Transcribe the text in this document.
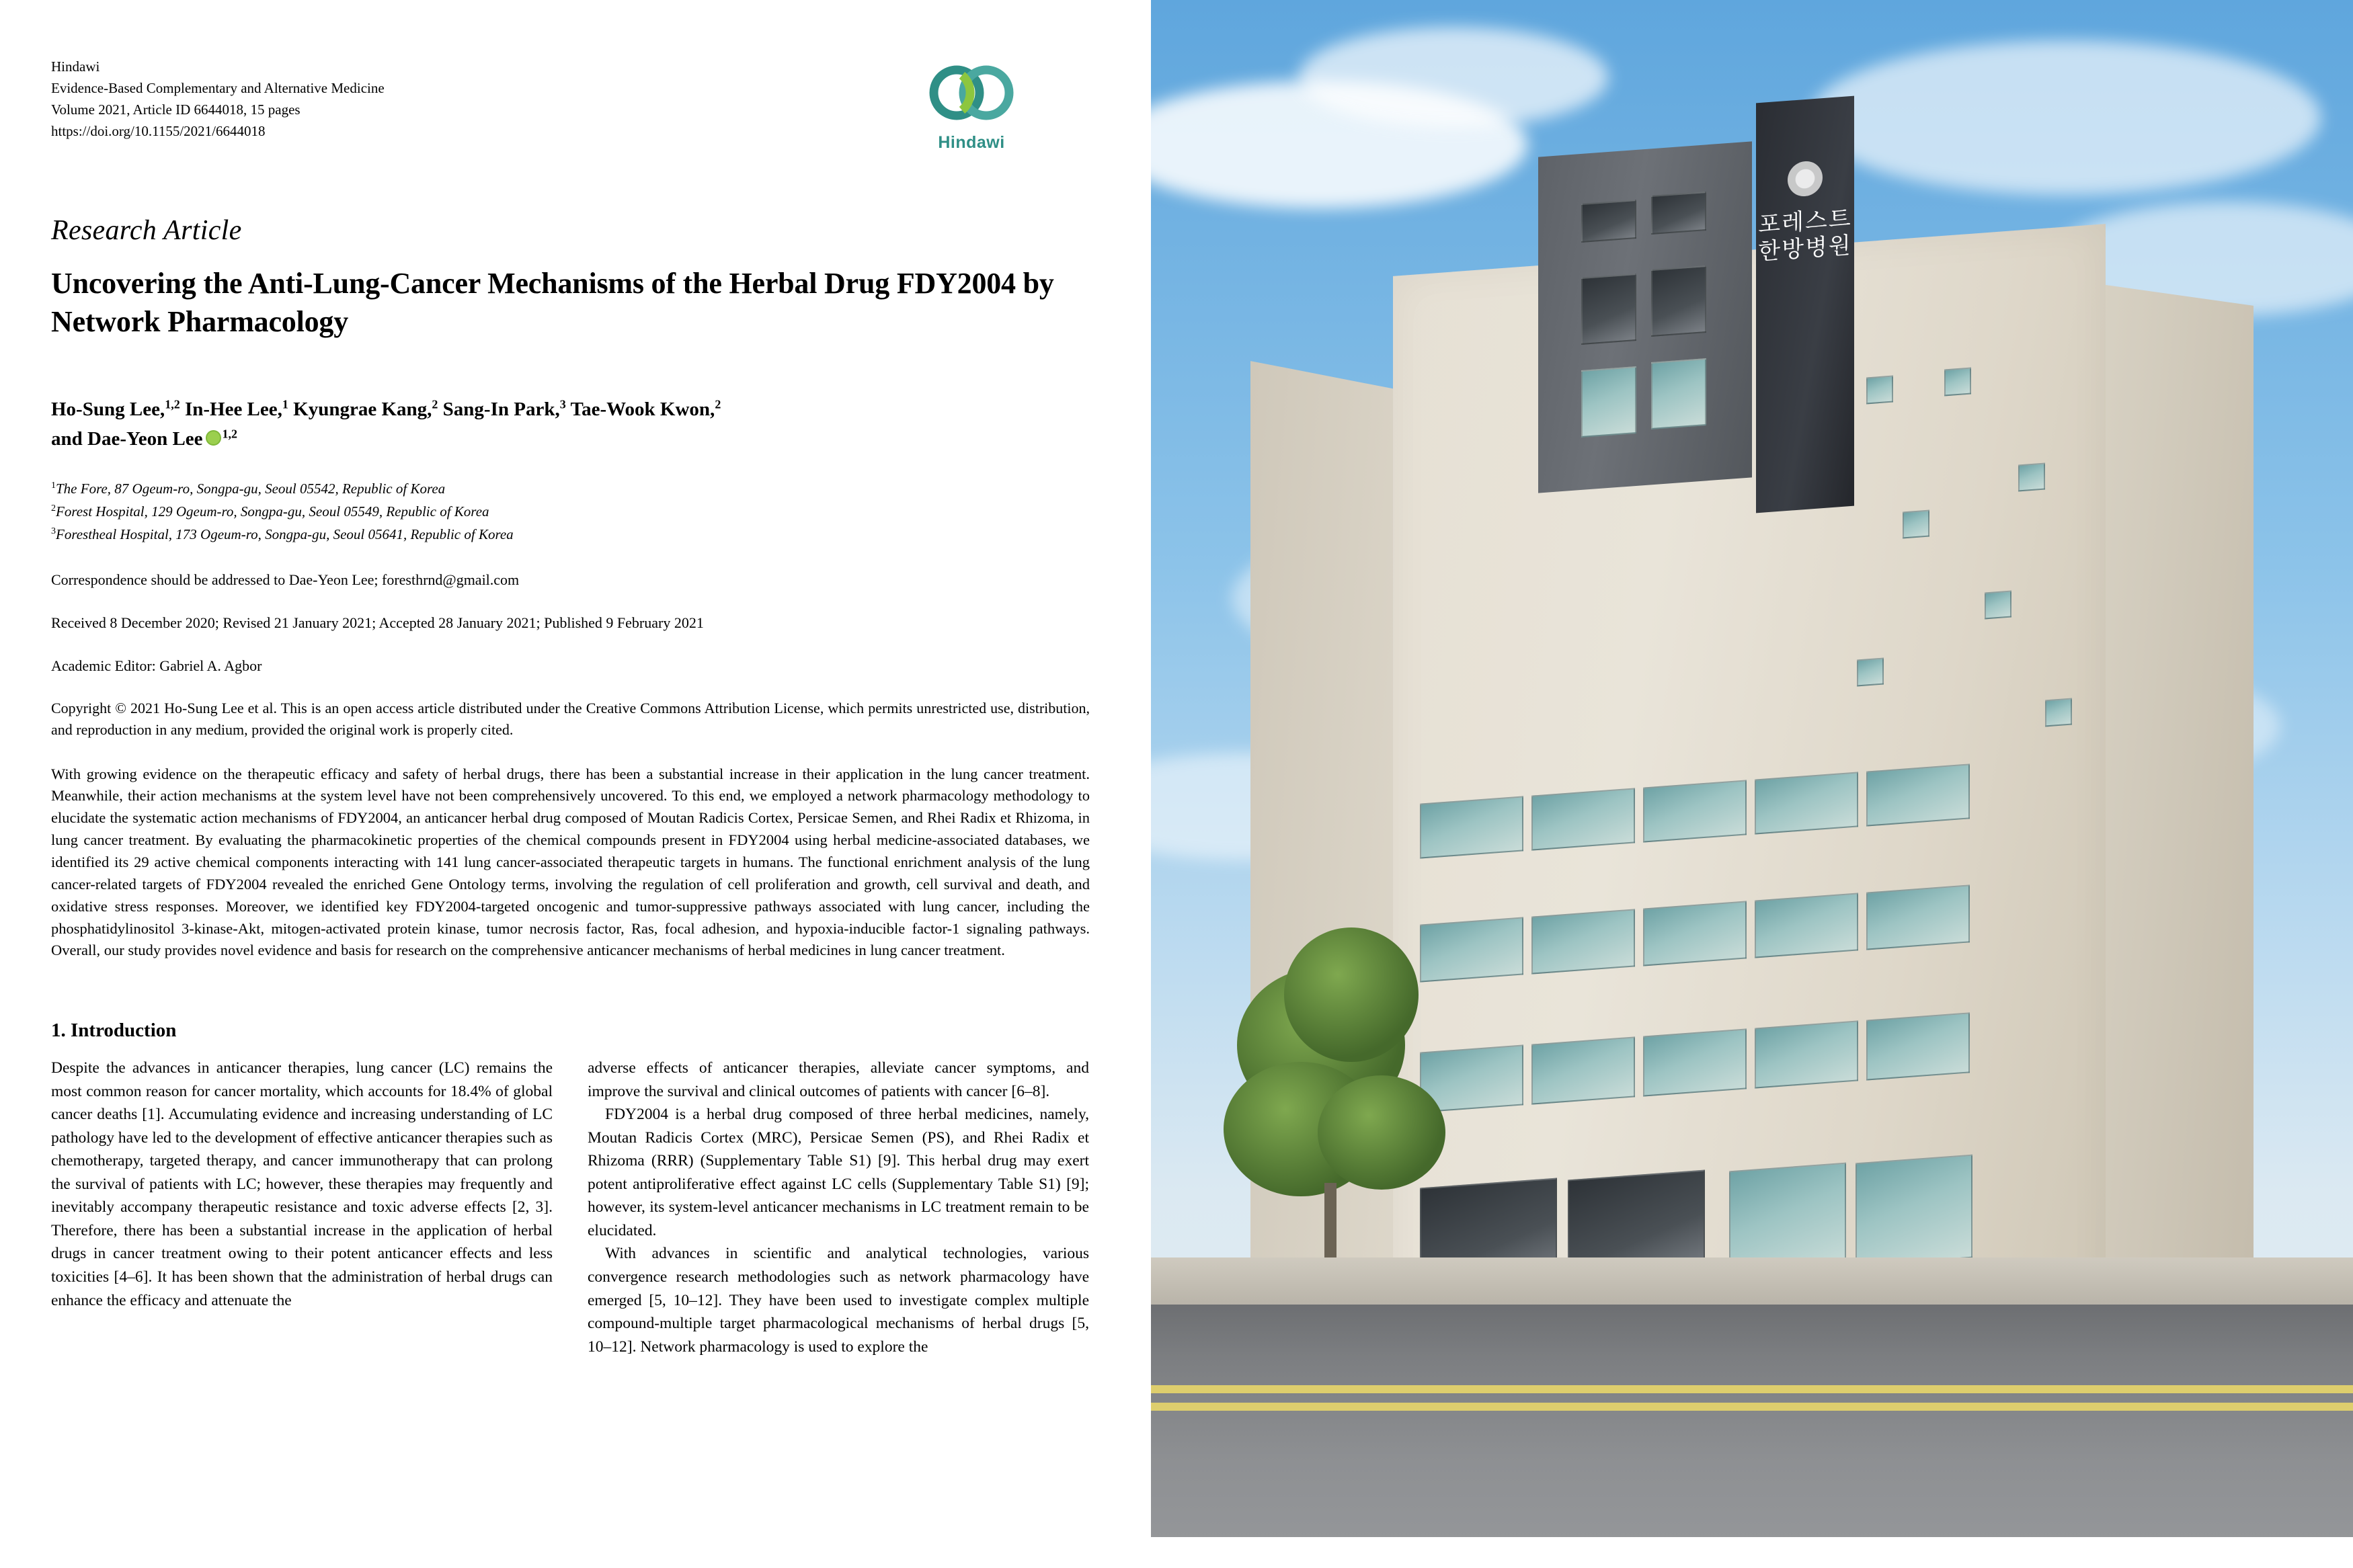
Hindawi
Evidence-Based Complementary and Alternative Medicine
Volume 2021, Article ID 6644018, 15 pages
https://doi.org/10.1155/2021/6644018
Hindawi
Research Article
Uncovering the Anti-Lung-Cancer Mechanisms of the Herbal Drug FDY2004 by Network Pharmacology
Ho-Sung Lee,$^{1,2}$ In-Hee Lee,$^1$ Kyungrae Kang,$^2$ Sang-In Park,$^3$ Tae-Wook Kwon,$^2$
and Dae-Yeon Lee $^{1,2}$
$^1$The Fore, 87 Ogeum-ro, Songpa-gu, Seoul 05542, Republic of Korea
$^2$Forest Hospital, 129 Ogeum-ro, Songpa-gu, Seoul 05549, Republic of Korea
$^3$Forestheal Hospital, 173 Ogeum-ro, Songpa-gu, Seoul 05641, Republic of Korea
Correspondence should be addressed to Dae-Yeon Lee; foresthrnd@gmail.com
Received 8 December 2020; Revised 21 January 2021; Accepted 28 January 2021; Published 9 February 2021
Academic Editor: Gabriel A. Agbor
Copyright © 2021 Ho-Sung Lee et al. This is an open access article distributed under the Creative Commons Attribution License, which permits unrestricted use, distribution, and reproduction in any medium, provided the original work is properly cited.
With growing evidence on the therapeutic efficacy and safety of herbal drugs, there has been a substantial increase in their application in the lung cancer treatment. Meanwhile, their action mechanisms at the system level have not been comprehensively uncovered. To this end, we employed a network pharmacology methodology to elucidate the systematic action mechanisms of FDY2004, an anticancer herbal drug composed of Moutan Radicis Cortex, Persicae Semen, and Rhei Radix et Rhizoma, in lung cancer treatment. By evaluating the pharmacokinetic properties of the chemical compounds present in FDY2004 using herbal medicine-associated databases, we identified its 29 active chemical components interacting with 141 lung cancer-associated therapeutic targets in humans. The functional enrichment analysis of the lung cancer-related targets of FDY2004 revealed the enriched Gene Ontology terms, involving the regulation of cell proliferation and growth, cell survival and death, and oxidative stress responses. Moreover, we identified key FDY2004-targeted oncogenic and tumor-suppressive pathways associated with lung cancer, including the phosphatidylinositol 3-kinase-Akt, mitogen-activated protein kinase, tumor necrosis factor, Ras, focal adhesion, and hypoxia-inducible factor-1 signaling pathways. Overall, our study provides novel evidence and basis for research on the comprehensive anticancer mechanisms of herbal medicines in lung cancer treatment.
1. Introduction

Despite the advances in anticancer therapies, lung cancer (LC) remains the most common reason for cancer mortality, which accounts for 18.4% of global cancer deaths [1]. Accumulating evidence and increasing understanding of LC pathology have led to the development of effective anticancer therapies such as chemotherapy, targeted therapy, and cancer immunotherapy that can prolong the survival of patients with LC; however, these therapies may frequently and inevitably accompany therapeutic resistance and toxic adverse effects [2, 3]. Therefore, there has been a substantial increase in the application of herbal drugs in cancer treatment owing to their potent anticancer effects and less toxicities [4–6]. It has been shown that the administration of herbal drugs can enhance the efficacy and attenuate the

adverse effects of anticancer therapies, alleviate cancer symptoms, and improve the survival and clinical outcomes of patients with cancer [6–8].

FDY2004 is a herbal drug composed of three herbal medicines, namely, Moutan Radicis Cortex (MRC), Persicae Semen (PS), and Rhei Radix et Rhizoma (RRR) (Supplementary Table S1) [9]. This herbal drug may exert potent antiproliferative effect against LC cells (Supplementary Table S1) [9]; however, its system-level anticancer mechanisms in LC treatment remain to be elucidated.

With advances in scientific and analytical technologies, various convergence research methodologies such as network pharmacology have emerged [5, 10–12]. They have been used to investigate complex multiple compound-multiple target pharmacological mechanisms of herbal drugs [5, 10–12]. Network pharmacology is used to explore the

포레스트한방병원
